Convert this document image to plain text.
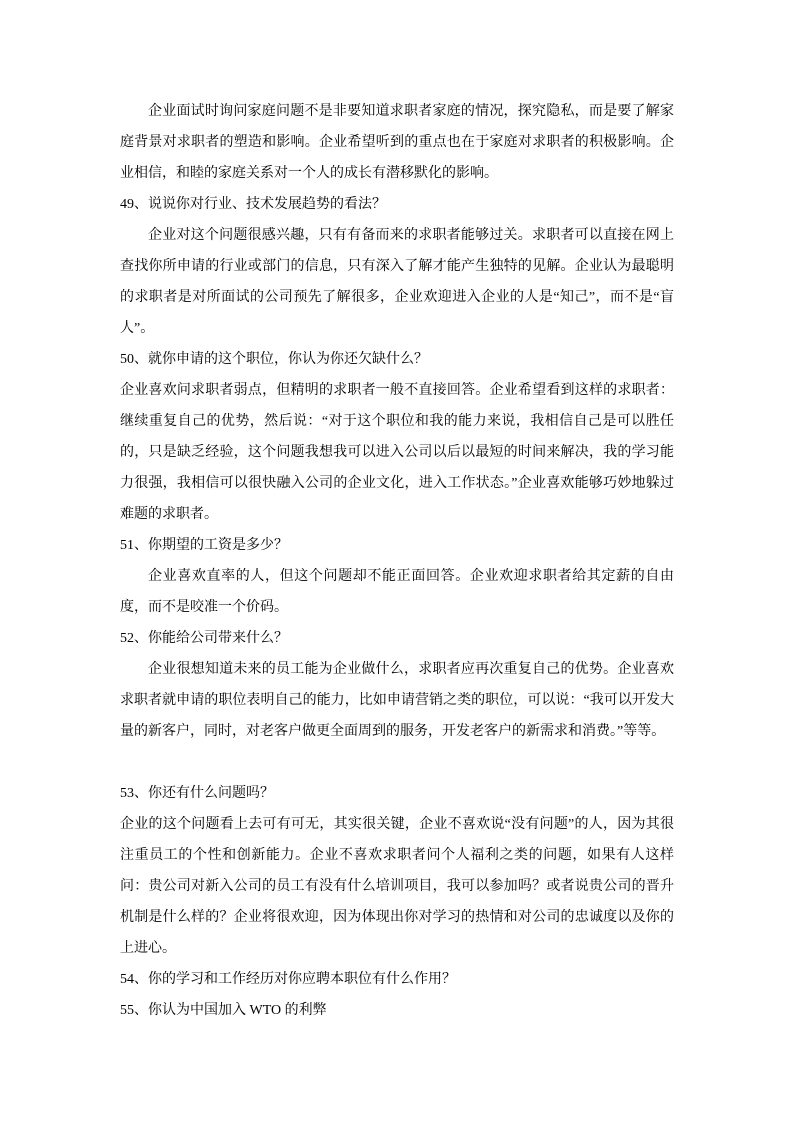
企业面试时询问家庭问题不是非要知道求职者家庭的情况，探究隐私，而是要了解家庭背景对求职者的塑造和影响。企业希望听到的重点也在于家庭对求职者的积极影响。企业相信，和睦的家庭关系对一个人的成长有潜移默化的影响。

49、说说你对行业、技术发展趋势的看法？

企业对这个问题很感兴趣，只有有备而来的求职者能够过关。求职者可以直接在网上查找你所申请的行业或部门的信息，只有深入了解才能产生独特的见解。企业认为最聪明的求职者是对所面试的公司预先了解很多，企业欢迎进入企业的人是“知己”，而不是“盲人”。

50、就你申请的这个职位，你认为你还欠缺什么？

企业喜欢问求职者弱点，但精明的求职者一般不直接回答。企业希望看到这样的求职者：继续重复自己的优势，然后说：“对于这个职位和我的能力来说，我相信自己是可以胜任的，只是缺乏经验，这个问题我想我可以进入公司以后以最短的时间来解决，我的学习能力很强，我相信可以很快融入公司的企业文化，进入工作状态。”企业喜欢能够巧妙地躲过难题的求职者。

51、你期望的工资是多少？

企业喜欢直率的人，但这个问题却不能正面回答。企业欢迎求职者给其定薪的自由度，而不是咬准一个价码。

52、你能给公司带来什么？

企业很想知道未来的员工能为企业做什么，求职者应再次重复自己的优势。企业喜欢求职者就申请的职位表明自己的能力，比如申请营销之类的职位，可以说：“我可以开发大量的新客户，同时，对老客户做更全面周到的服务，开发老客户的新需求和消费。”等等。

53、你还有什么问题吗？

企业的这个问题看上去可有可无，其实很关键，企业不喜欢说“没有问题”的人，因为其很注重员工的个性和创新能力。企业不喜欢求职者问个人福利之类的问题，如果有人这样问：贵公司对新入公司的员工有没有什么培训项目，我可以参加吗？或者说贵公司的晋升机制是什么样的？企业将很欢迎，因为体现出你对学习的热情和对公司的忠诚度以及你的上进心。

54、你的学习和工作经历对你应聘本职位有什么作用？

55、你认为中国加入 WTO 的利弊
